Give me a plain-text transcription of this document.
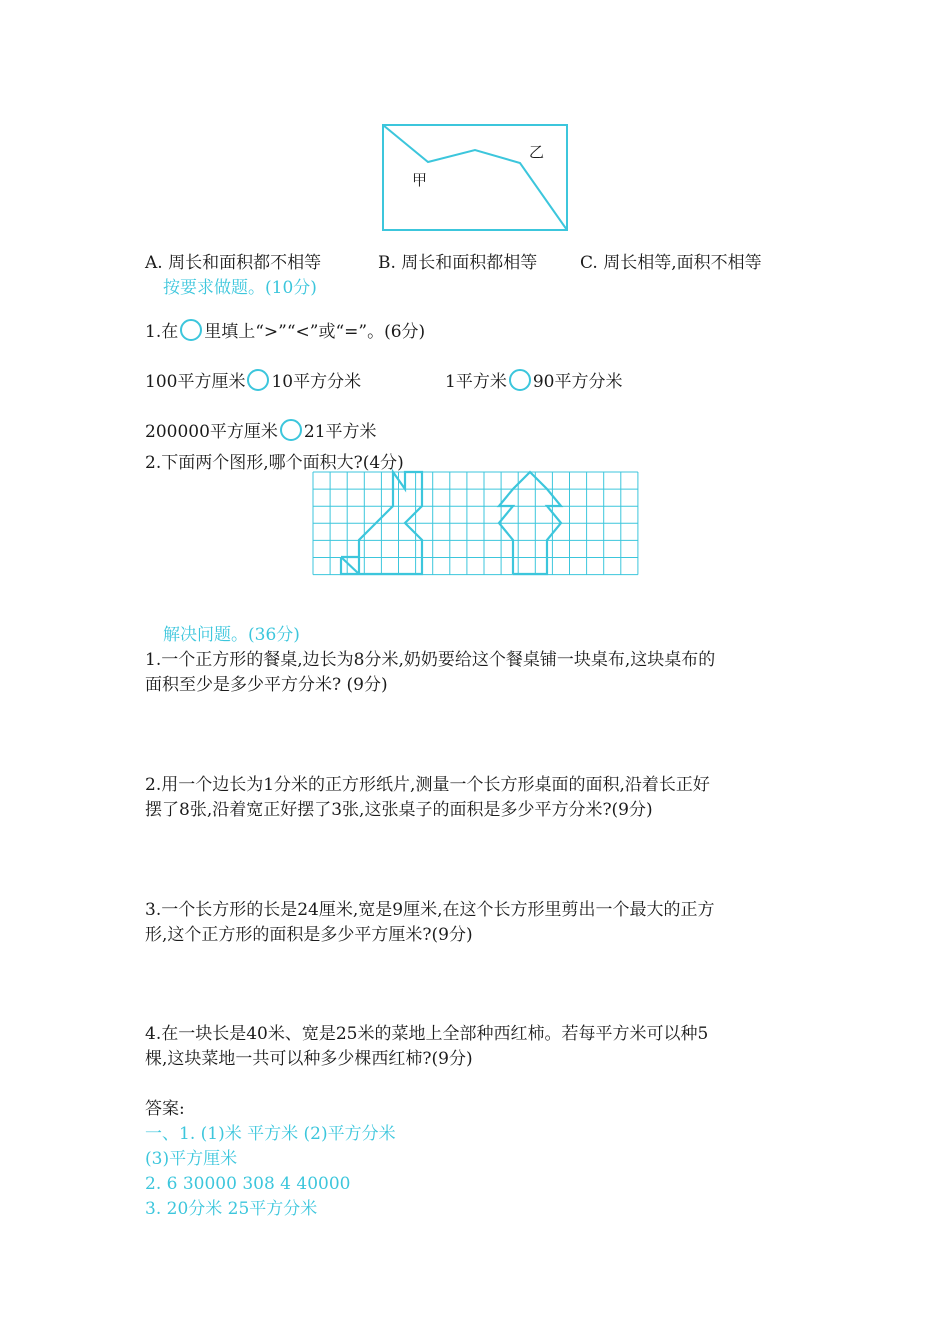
甲
乙
A. 周长和面积都不相等	B. 周长和面积都相等	C. 周长相等,面积不相等
按要求做题。(10分)
1.在 里填上“>”“<”或“=”。(6分)
100平方厘米 10平方分米	1平方米 90平方分米
200000平方厘米 21平方米
2.下面两个图形,哪个面积大?(4分)
解决问题。(36分)
1.一个正方形的餐桌,边长为8分米,奶奶要给这个餐桌铺一块桌布,这块桌布的
面积至少是多少平方分米? (9分)
2.用一个边长为1分米的正方形纸片,测量一个长方形桌面的面积,沿着长正好
摆了8张,沿着宽正好摆了3张,这张桌子的面积是多少平方分米?(9分)
3.一个长方形的长是24厘米,宽是9厘米,在这个长方形里剪出一个最大的正方
形,这个正方形的面积是多少平方厘米?(9分)
4.在一块长是40米、宽是25米的菜地上全部种西红柿。若每平方米可以种5
棵,这块菜地一共可以种多少棵西红柿?(9分)
答案:
一、1. (1)米 平方米 (2)平方分米
(3)平方厘米
2. 6 30000 308 4 40000
3. 20分米 25平方分米
